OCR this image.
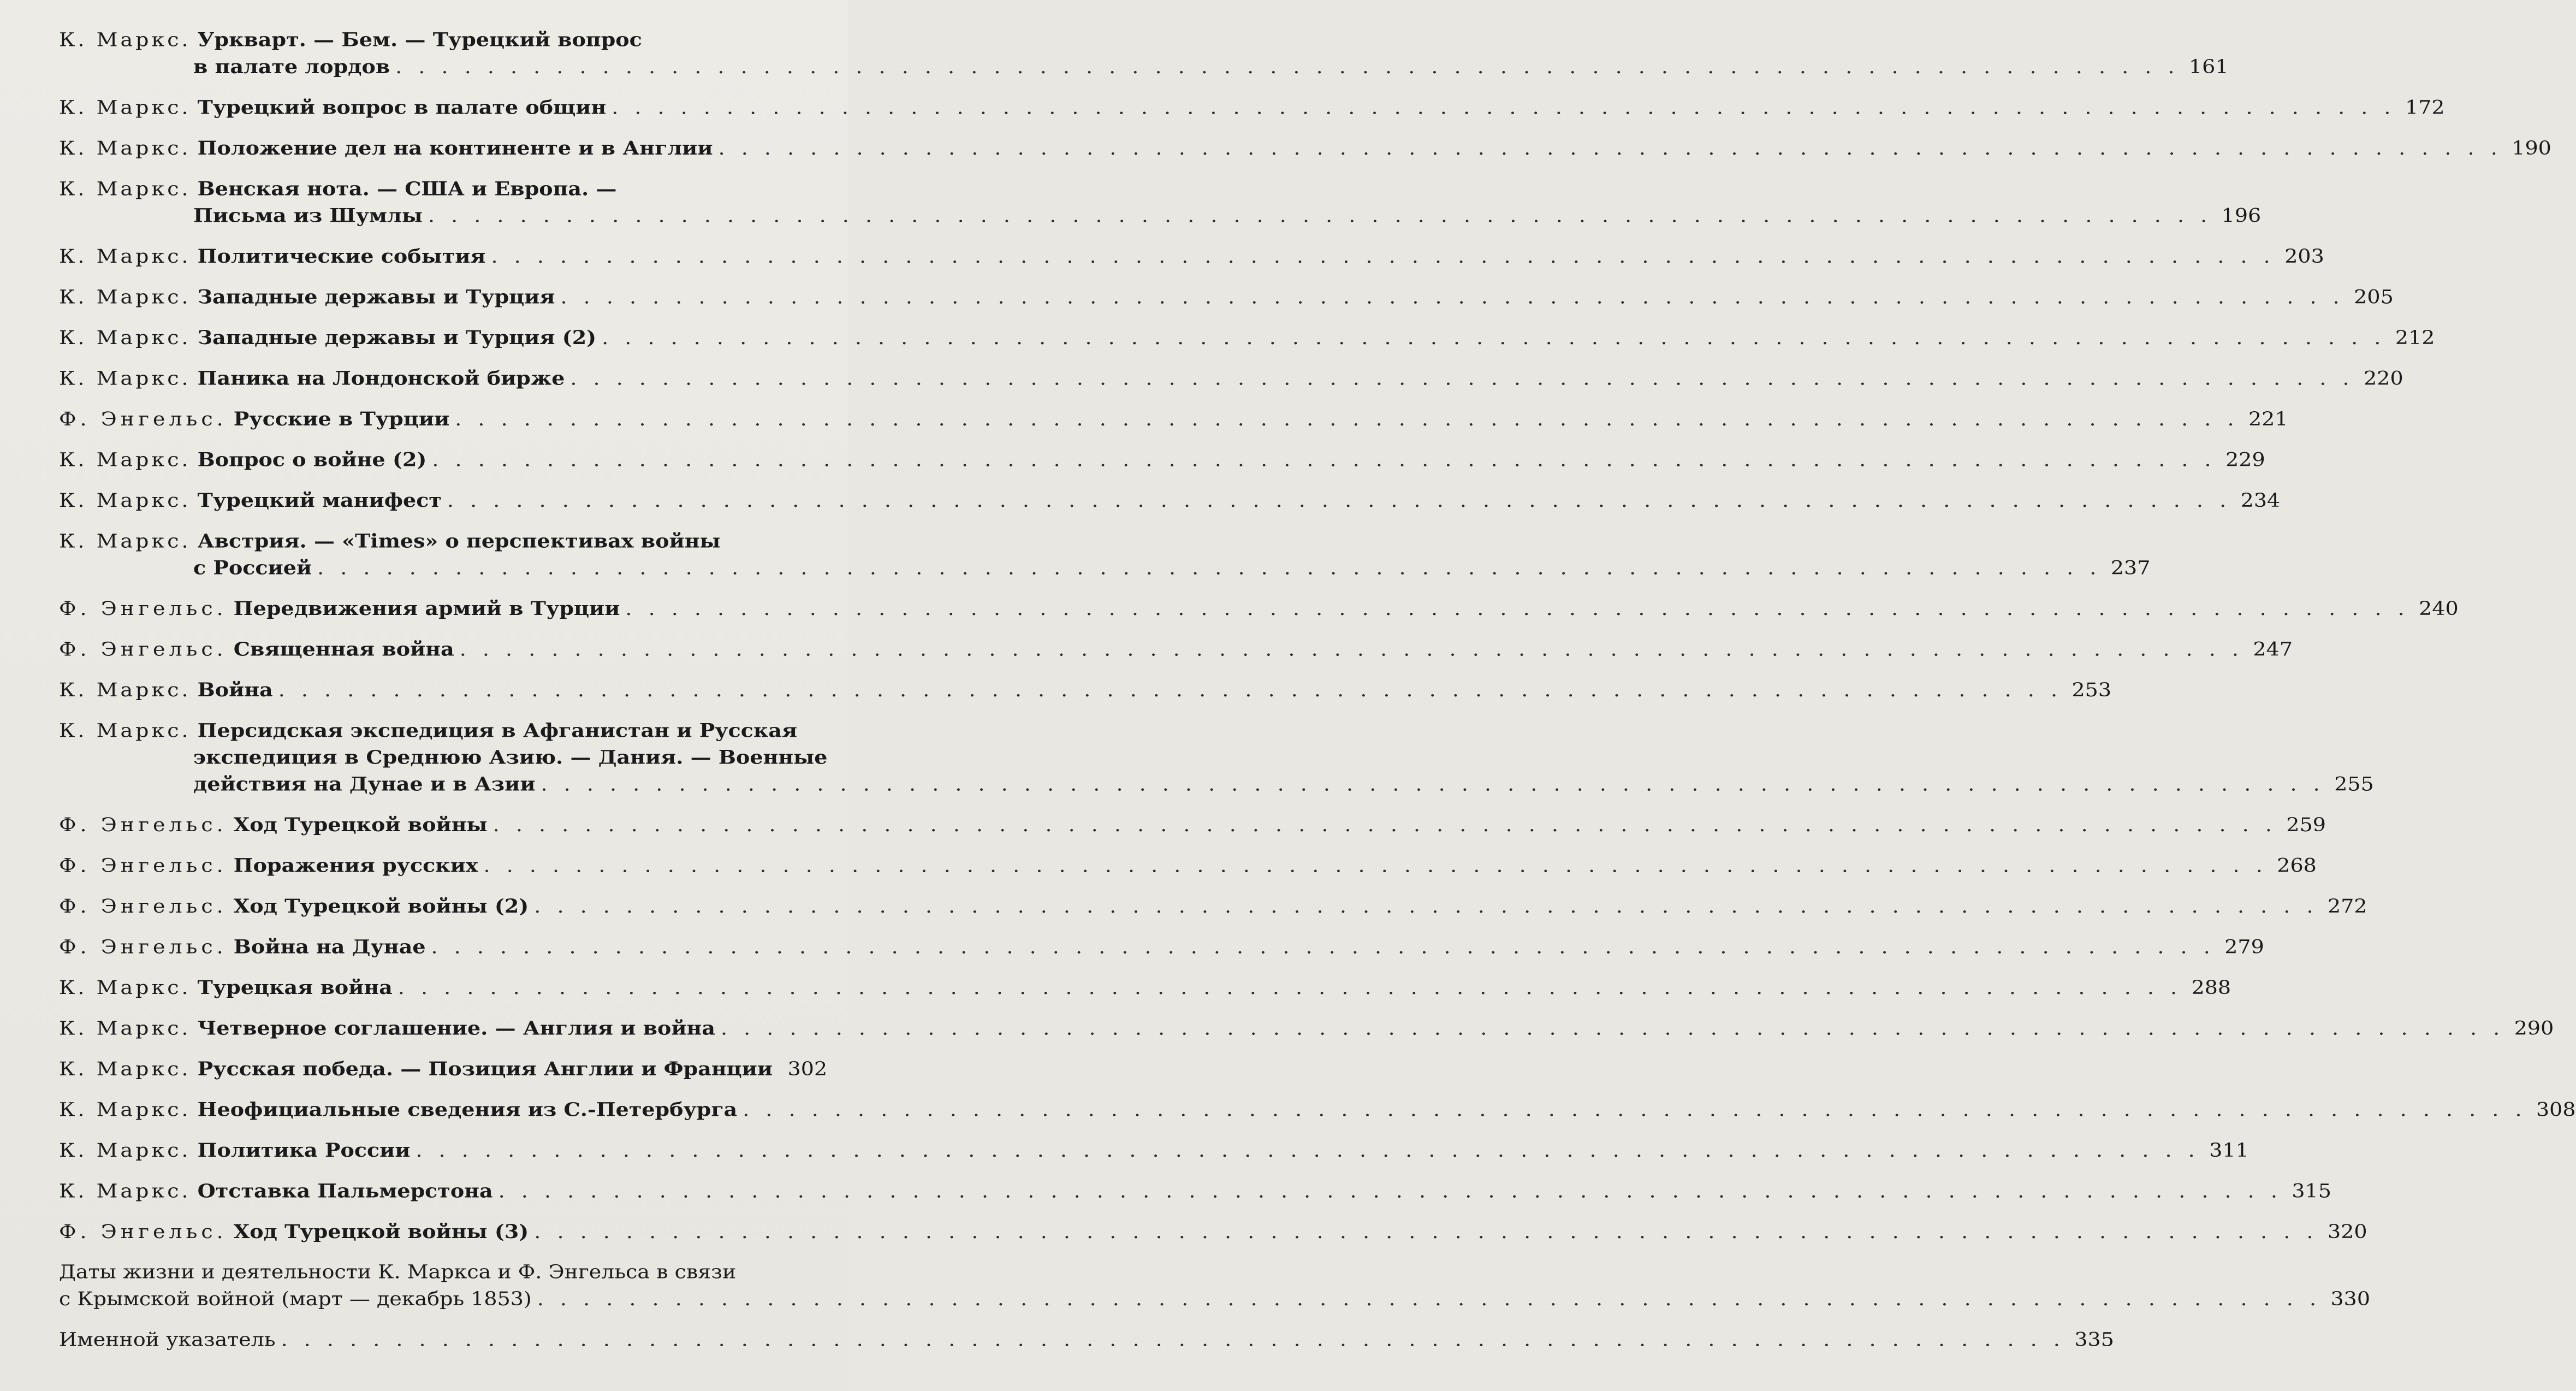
К. Маркс.
Уркварт. — Бем. — Турецкий вопрос
в палате лордов . . . . . . . . . . . . . . . . . . . . . . . . . . . . . . . . . . . . . . . . . . . . . . . . . . . . . . . . . . . . . . . . . . . . . . . . . . . . . . 161
К. Маркс.
Турецкий вопрос в палате общин . . . . . . . . . . . . . . . . . . . . . . . . . . . . . . . . . . . . . . . . . . . . . . . . . . . . . . . . . . . . . . . . . . . . . . . . . . . . . . 172
К. Маркс.
Положение дел на континенте и в Англии . . . . . . . . . . . . . . . . . . . . . . . . . . . . . . . . . . . . . . . . . . . . . . . . . . . . . . . . . . . . . . . . . . . . . . . . . . . . . . 190
К. Маркс.
Венская нота. — США и Европа. —
Письма из Шумлы . . . . . . . . . . . . . . . . . . . . . . . . . . . . . . . . . . . . . . . . . . . . . . . . . . . . . . . . . . . . . . . . . . . . . . . . . . . . . . 196
К. Маркс.
Политические события . . . . . . . . . . . . . . . . . . . . . . . . . . . . . . . . . . . . . . . . . . . . . . . . . . . . . . . . . . . . . . . . . . . . . . . . . . . . . . 203
К. Маркс.
Западные державы и Турция . . . . . . . . . . . . . . . . . . . . . . . . . . . . . . . . . . . . . . . . . . . . . . . . . . . . . . . . . . . . . . . . . . . . . . . . . . . . . . 205
К. Маркс.
Западные державы и Турция (2) . . . . . . . . . . . . . . . . . . . . . . . . . . . . . . . . . . . . . . . . . . . . . . . . . . . . . . . . . . . . . . . . . . . . . . . . . . . . . . 212
К. Маркс.
Паника на Лондонской бирже . . . . . . . . . . . . . . . . . . . . . . . . . . . . . . . . . . . . . . . . . . . . . . . . . . . . . . . . . . . . . . . . . . . . . . . . . . . . . . 220
Ф. Энгельс.
Русские в Турции . . . . . . . . . . . . . . . . . . . . . . . . . . . . . . . . . . . . . . . . . . . . . . . . . . . . . . . . . . . . . . . . . . . . . . . . . . . . . . 221
К. Маркс.
Вопрос о войне (2) . . . . . . . . . . . . . . . . . . . . . . . . . . . . . . . . . . . . . . . . . . . . . . . . . . . . . . . . . . . . . . . . . . . . . . . . . . . . . . 229
К. Маркс.
Турецкий манифест . . . . . . . . . . . . . . . . . . . . . . . . . . . . . . . . . . . . . . . . . . . . . . . . . . . . . . . . . . . . . . . . . . . . . . . . . . . . . . 234
К. Маркс.
Австрия. — «Times» о перспективах войны
с Россией . . . . . . . . . . . . . . . . . . . . . . . . . . . . . . . . . . . . . . . . . . . . . . . . . . . . . . . . . . . . . . . . . . . . . . . . . . . . . . 237
Ф. Энгельс.
Передвижения армий в Турции . . . . . . . . . . . . . . . . . . . . . . . . . . . . . . . . . . . . . . . . . . . . . . . . . . . . . . . . . . . . . . . . . . . . . . . . . . . . . . 240
Ф. Энгельс.
Священная война . . . . . . . . . . . . . . . . . . . . . . . . . . . . . . . . . . . . . . . . . . . . . . . . . . . . . . . . . . . . . . . . . . . . . . . . . . . . . . 247
К. Маркс.
Война . . . . . . . . . . . . . . . . . . . . . . . . . . . . . . . . . . . . . . . . . . . . . . . . . . . . . . . . . . . . . . . . . . . . . . . . . . . . . . 253
К. Маркс.
Персидская экспедиция в Афганистан и Русская
экспедиция в Среднюю Азию. — Дания. — Военные
действия на Дунае и в Азии . . . . . . . . . . . . . . . . . . . . . . . . . . . . . . . . . . . . . . . . . . . . . . . . . . . . . . . . . . . . . . . . . . . . . . . . . . . . . . 255
Ф. Энгельс.
Ход Турецкой войны . . . . . . . . . . . . . . . . . . . . . . . . . . . . . . . . . . . . . . . . . . . . . . . . . . . . . . . . . . . . . . . . . . . . . . . . . . . . . . 259
Ф. Энгельс.
Поражения русских . . . . . . . . . . . . . . . . . . . . . . . . . . . . . . . . . . . . . . . . . . . . . . . . . . . . . . . . . . . . . . . . . . . . . . . . . . . . . . 268
Ф. Энгельс.
Ход Турецкой войны (2) . . . . . . . . . . . . . . . . . . . . . . . . . . . . . . . . . . . . . . . . . . . . . . . . . . . . . . . . . . . . . . . . . . . . . . . . . . . . . . 272
Ф. Энгельс.
Война на Дунае . . . . . . . . . . . . . . . . . . . . . . . . . . . . . . . . . . . . . . . . . . . . . . . . . . . . . . . . . . . . . . . . . . . . . . . . . . . . . . 279
К. Маркс.
Турецкая война . . . . . . . . . . . . . . . . . . . . . . . . . . . . . . . . . . . . . . . . . . . . . . . . . . . . . . . . . . . . . . . . . . . . . . . . . . . . . . 288
К. Маркс.
Четверное соглашение. — Англия и война . . . . . . . . . . . . . . . . . . . . . . . . . . . . . . . . . . . . . . . . . . . . . . . . . . . . . . . . . . . . . . . . . . . . . . . . . . . . . . 290
К. Маркс.
Русская победа. — Позиция Англии и Франции 302
К. Маркс.
Неофициальные сведения из С.-Петербурга . . . . . . . . . . . . . . . . . . . . . . . . . . . . . . . . . . . . . . . . . . . . . . . . . . . . . . . . . . . . . . . . . . . . . . . . . . . . . . 308
К. Маркс.
Политика России . . . . . . . . . . . . . . . . . . . . . . . . . . . . . . . . . . . . . . . . . . . . . . . . . . . . . . . . . . . . . . . . . . . . . . . . . . . . . . 311
К. Маркс.
Отставка Пальмерстона . . . . . . . . . . . . . . . . . . . . . . . . . . . . . . . . . . . . . . . . . . . . . . . . . . . . . . . . . . . . . . . . . . . . . . . . . . . . . . 315
Ф. Энгельс.
Ход Турецкой войны (3) . . . . . . . . . . . . . . . . . . . . . . . . . . . . . . . . . . . . . . . . . . . . . . . . . . . . . . . . . . . . . . . . . . . . . . . . . . . . . . 320
Даты жизни и деятельности К. Маркса и Ф. Энгельса в связи
с Крымской войной (март — декабрь 1853) . . . . . . . . . . . . . . . . . . . . . . . . . . . . . . . . . . . . . . . . . . . . . . . . . . . . . . . . . . . . . . . . . . . . . . . . . . . . . . 330
Именной указатель . . . . . . . . . . . . . . . . . . . . . . . . . . . . . . . . . . . . . . . . . . . . . . . . . . . . . . . . . . . . . . . . . . . . . . . . . . . . . . 335
